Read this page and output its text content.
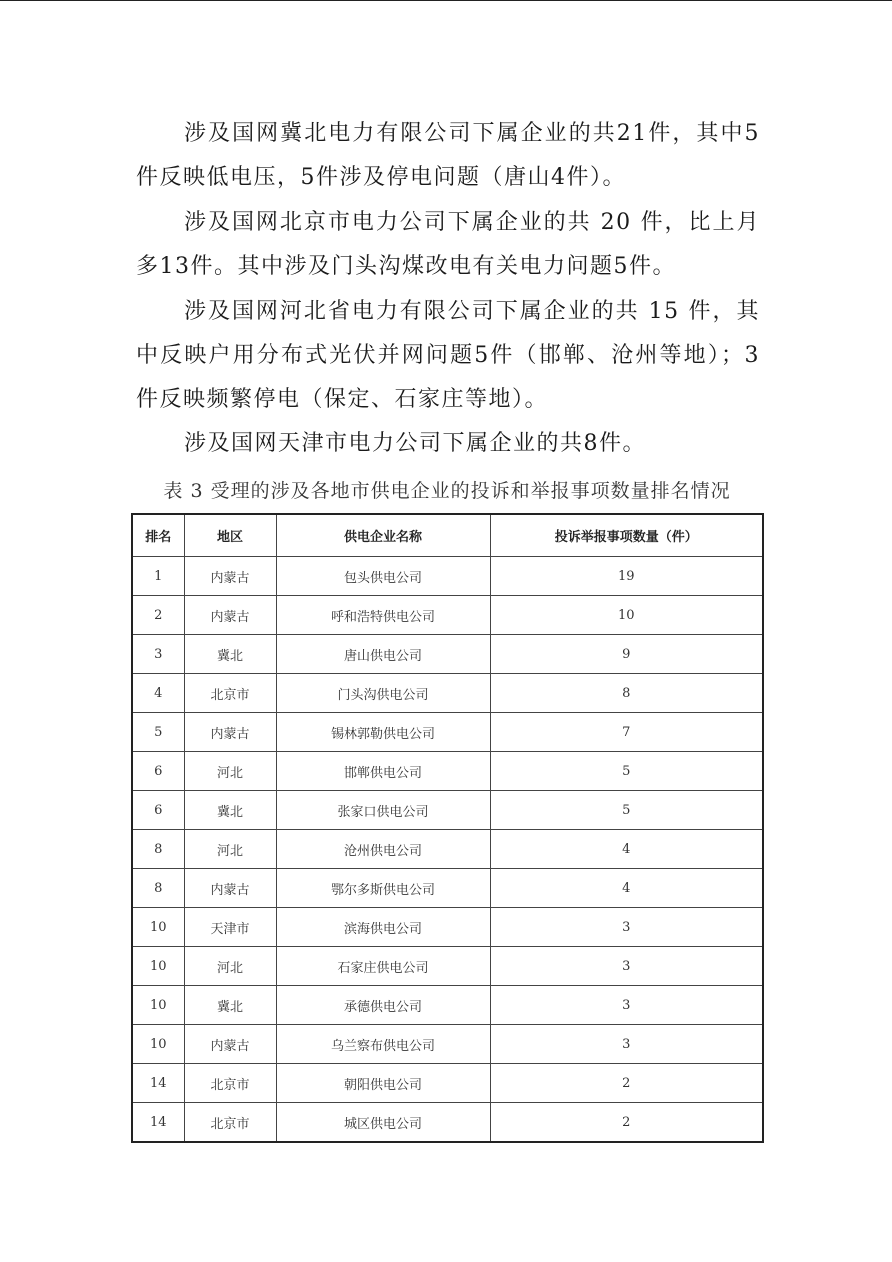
涉及国网冀北电力有限公司下属企业的共21件，其中5件反映低电压，5件涉及停电问题（唐山4件）。

涉及国网北京市电力公司下属企业的共 20 件，比上月多13件。其中涉及门头沟煤改电有关电力问题5件。

涉及国网河北省电力有限公司下属企业的共 15 件，其中反映户用分布式光伏并网问题5件（邯郸、沧州等地）；3件反映频繁停电（保定、石家庄等地）。

涉及国网天津市电力公司下属企业的共8件。

表 3 受理的涉及各地市供电企业的投诉和举报事项数量排名情况
排名	地区	供电企业名称	投诉举报事项数量（件）
1	内蒙古	包头供电公司	19
2	内蒙古	呼和浩特供电公司	10
3	冀北	唐山供电公司	9
4	北京市	门头沟供电公司	8
5	内蒙古	锡林郭勒供电公司	7
6	河北	邯郸供电公司	5
6	冀北	张家口供电公司	5
8	河北	沧州供电公司	4
8	内蒙古	鄂尔多斯供电公司	4
10	天津市	滨海供电公司	3
10	河北	石家庄供电公司	3
10	冀北	承德供电公司	3
10	内蒙古	乌兰察布供电公司	3
14	北京市	朝阳供电公司	2
14	北京市	城区供电公司	2
